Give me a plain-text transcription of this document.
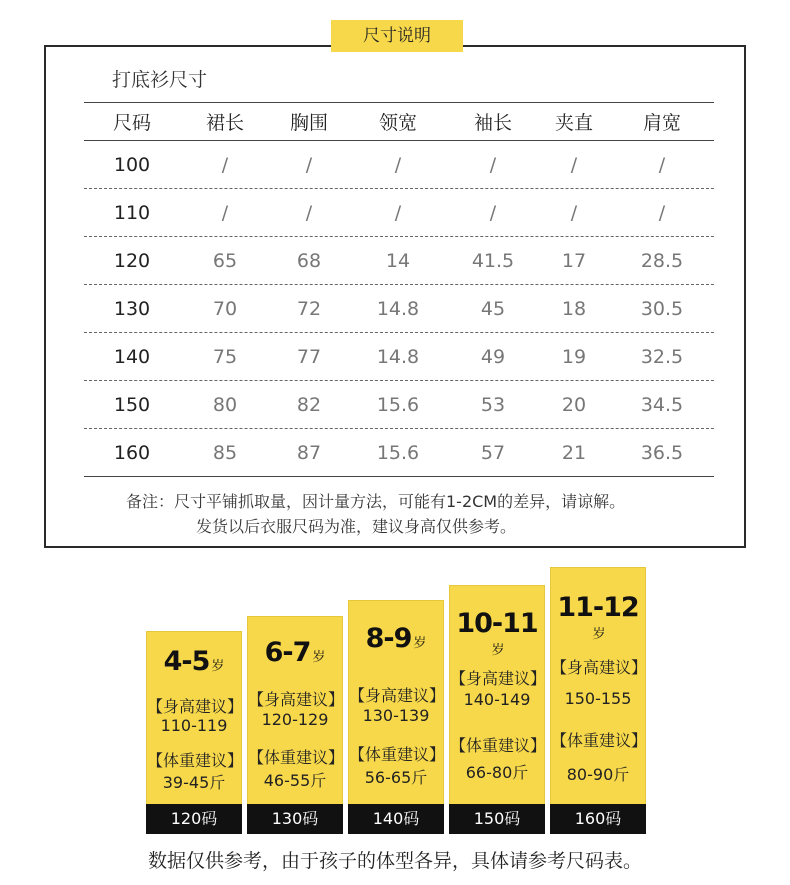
尺寸说明
打底衫尺寸
尺码	裙长	胸围	领宽	袖长	夹直	肩宽
100	/	/	/	/	/	/
110	/	/	/	/	/	/
120	65	68	14	41.5	17	28.5
130	70	72	14.8	45	18	30.5
140	75	77	14.8	49	19	32.5
150	80	82	15.6	53	20	34.5
160	85	87	15.6	57	21	36.5
备注：尺寸平铺抓取量，因计量方法，可能有1-2CM的差异，请谅解。
发货以后衣服尺码为准，建议身高仅供参考。
4-5 岁
【身高建议】
110-119
【体重建议】
39-45斤
120码
6-7 岁
【身高建议】
120-129
【体重建议】
46-55斤
130码
8-9 岁
【身高建议】
130-139
【体重建议】
56-65斤
140码
10-11岁
【身高建议】
140-149
【体重建议】
66-80斤
150码
11-12岁
【身高建议】
150-155
【体重建议】
80-90斤
160码
数据仅供参考，由于孩子的体型各异，具体请参考尺码表。
